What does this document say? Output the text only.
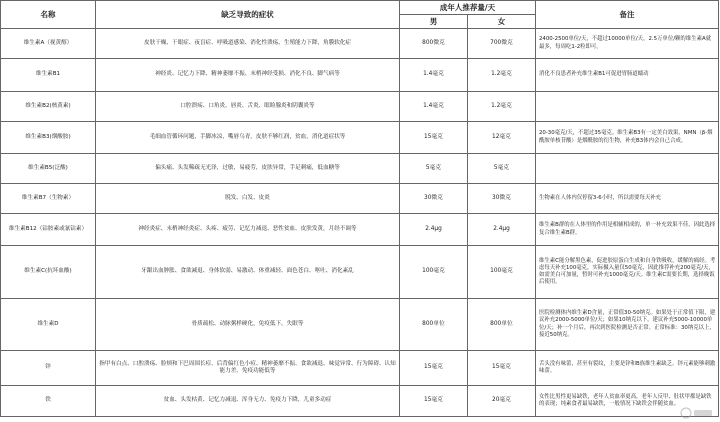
名称	缺乏导致的症状	成年人推荐量/天		备注
		男	女	
维生素A（视黄醇）	皮肤干燥、干眼症、夜盲症、呼吸道感染、消化性溃疡、生殖能力下降，角膜软化症	800微克	700微克	2400-2500单位/天，不超过10000单位/天。2.5万单位/颗的维生素A就最多，每周吃1-2粒即可。
维生素B1	神经炎、记忆力下降、精神萎靡不振、末梢神经受损、消化不良、脚气病等	1.4毫克	1.2毫克	消化不良患者补充维生素B1可促进胃肠道蠕动
维生素B2(核黄素)	口腔溃疡、口角炎、唇炎、舌炎、眼睑腺炎和阴囊炎等	1.4毫克	1.2毫克	
维生素B3(烟酸胺)	毛细血管循环问题，手脚冰凉，嘴唇乌青，皮肤不够红润，贫血，消化道症状等	15毫克	12毫克	20-30毫克/天，不超过35毫克。维生素B3有一定美白效果，NMN（β-烟酰胺单核苷酸）是烟酰胺的衍生物，补充B3体内会自己合成。
维生素B5(泛酸)	偏头痛、头发稀疏无光泽，过敏，易疲劳，皮肤异常，手足刺痛，低血糖等	5毫克	5毫克	
维生素B7（生物素）	脱发、白发、皮炎	30微克	30微克	生物素在人体内仅停留3-6小时，所以需要每天补充
维生素B12（钴胺素或氰钴素）	神经炎症、末梢神经炎症、头疼、疲劳、记忆力减退、恶性贫血、皮肤发黄，月经不调等	2.4μg	2.4μg	维生素B群的在人体里的作用是相辅相成的，单一补充效果不佳，因此选择复合维生素B群。
维生素C(抗坏血酸)	牙龈出血肿胀、食欲减退、身体软弱、易激动、体重减轻、面色苍白、呕吐、消化紊乱	100毫克	100毫克	维生素C能分解黑色素，促进胶原蛋白生成和自身铁吸收，缓解的痛经。考虑每天补充100毫克，实际摄入量仅50毫克，因此推荐补充200毫克/天，如需美白可加量，暂时可补充1000毫克/天。维生素C需要长期，选择晚饭后使用。
维生素D	骨质疏松、动脉粥样硬化，免疫低下，失眠等	800单位	800单位	医院检测体内维生素D含量，正常值30-50纳克。如果处于正常值下限，建议补充2000-5000单位/天；如果10纳克以下，建议补充5000-10000单位/天；补一个月后，再次到医院检测是否正常。正常标准：30纳克以上，接近50纳克。
锌	指甲有白点、口腔溃疡、脸颊和下巴周围长痘、后背偏红色小痘、精神萎靡不振、食欲减退、味觉异常、行为障碍、认知能力差、免疫功能低等	15毫克	15毫克	舌头没有味蕾，甚至有裂纹，主要是锌和B族维生素缺乏。锌元素能够刺激味蕾。
铁	贫血、头发枯黄、记忆力减退、浑身无力、免疫力下降，儿童多动症	15毫克	20毫克	女性比男性更易缺铁，老年人贫血率更高，老年人反甲、肚状甲都是缺铁的表现；纯素食者最易缺铁，一般情况下缺铁会伴随贫血。
